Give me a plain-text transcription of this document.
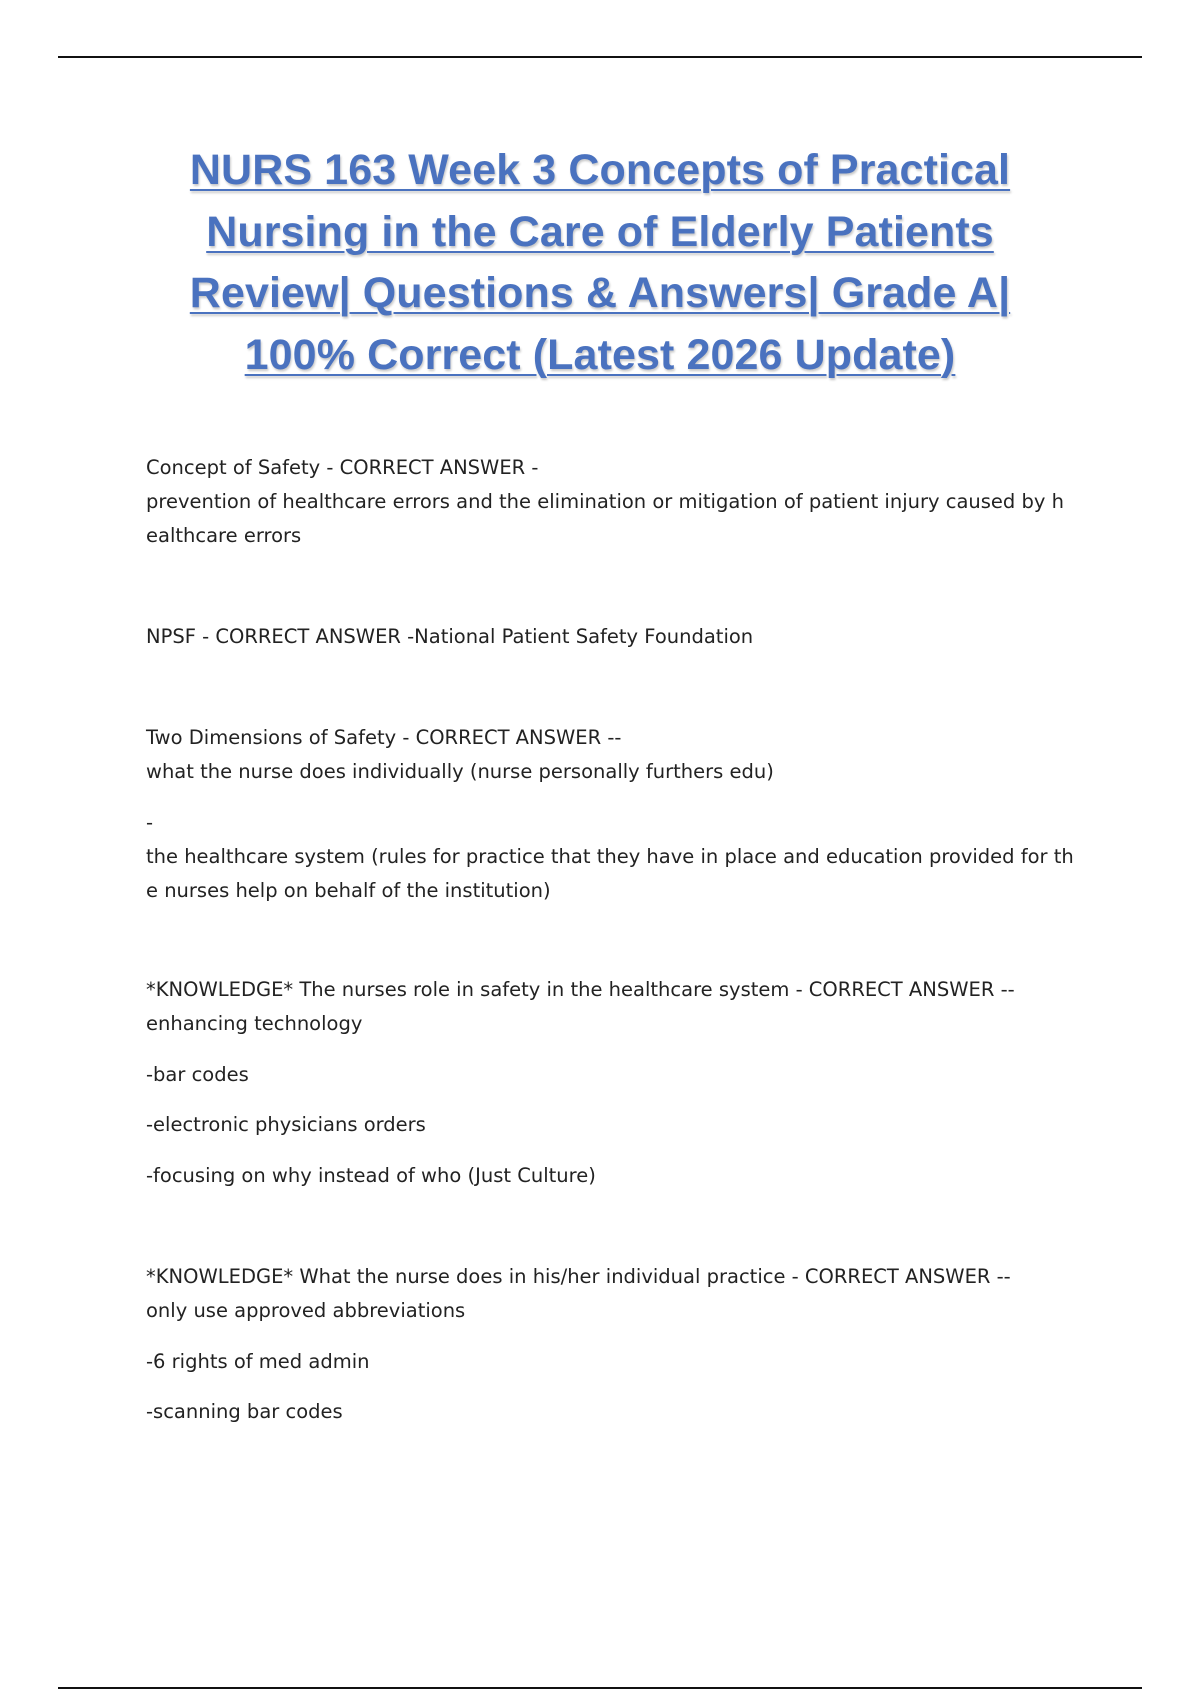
NURS 163 Week 3 Concepts of Practical
Nursing in the Care of Elderly Patients
Review| Questions & Answers| Grade A|
100% Correct (Latest 2026 Update)
Concept of Safety - CORRECT ANSWER -
prevention of healthcare errors and the elimination or mitigation of patient injury caused by h
ealthcare errors
NPSF - CORRECT ANSWER -National Patient Safety Foundation
Two Dimensions of Safety - CORRECT ANSWER --
what the nurse does individually (nurse personally furthers edu)
-
the healthcare system (rules for practice that they have in place and education provided for th
e nurses help on behalf of the institution)
*KNOWLEDGE* The nurses role in safety in the healthcare system - CORRECT ANSWER --
enhancing technology
-bar codes
-electronic physicians orders
-focusing on why instead of who (Just Culture)
*KNOWLEDGE* What the nurse does in his/her individual practice - CORRECT ANSWER --
only use approved abbreviations
-6 rights of med admin
-scanning bar codes
